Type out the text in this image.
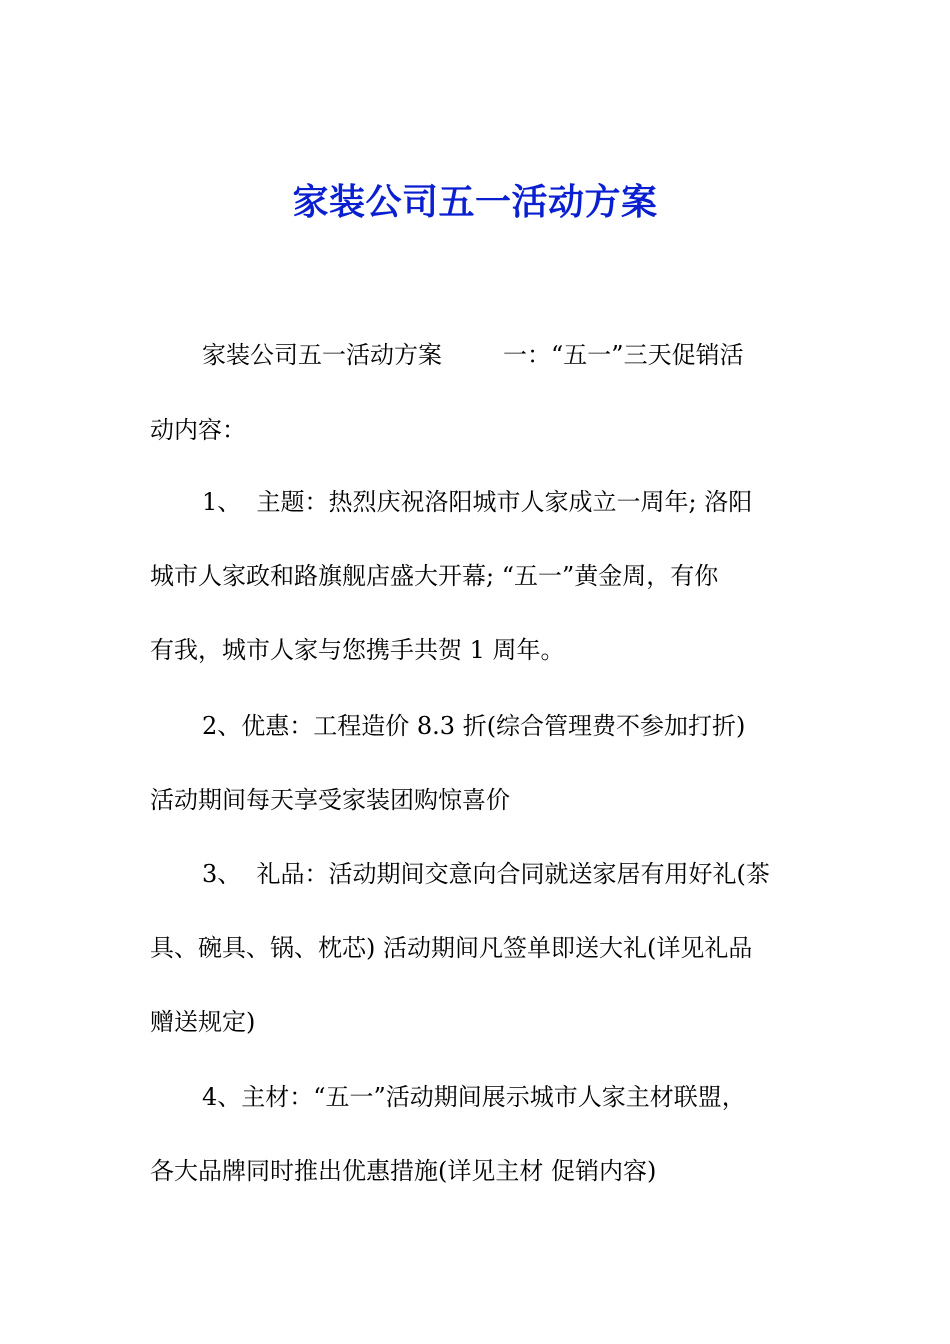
家装公司五一活动方案
家装公司五一活动方案        一：“五一”三天促销活
动内容：
1、  主题：热烈庆祝洛阳城市人家成立一周年; 洛阳
城市人家政和路旗舰店盛大开幕; “五一”黄金周，有你
有我，城市人家与您携手共贺 1 周年。
2、优惠：工程造价 8.3 折(综合管理费不参加打折)
活动期间每天享受家装团购惊喜价
3、  礼品：活动期间交意向合同就送家居有用好礼(茶
具、碗具、锅、枕芯) 活动期间凡签单即送大礼(详见礼品
赠送规定)
4、主材：“五一”活动期间展示城市人家主材联盟，
各大品牌同时推出优惠措施(详见主材 促销内容)
